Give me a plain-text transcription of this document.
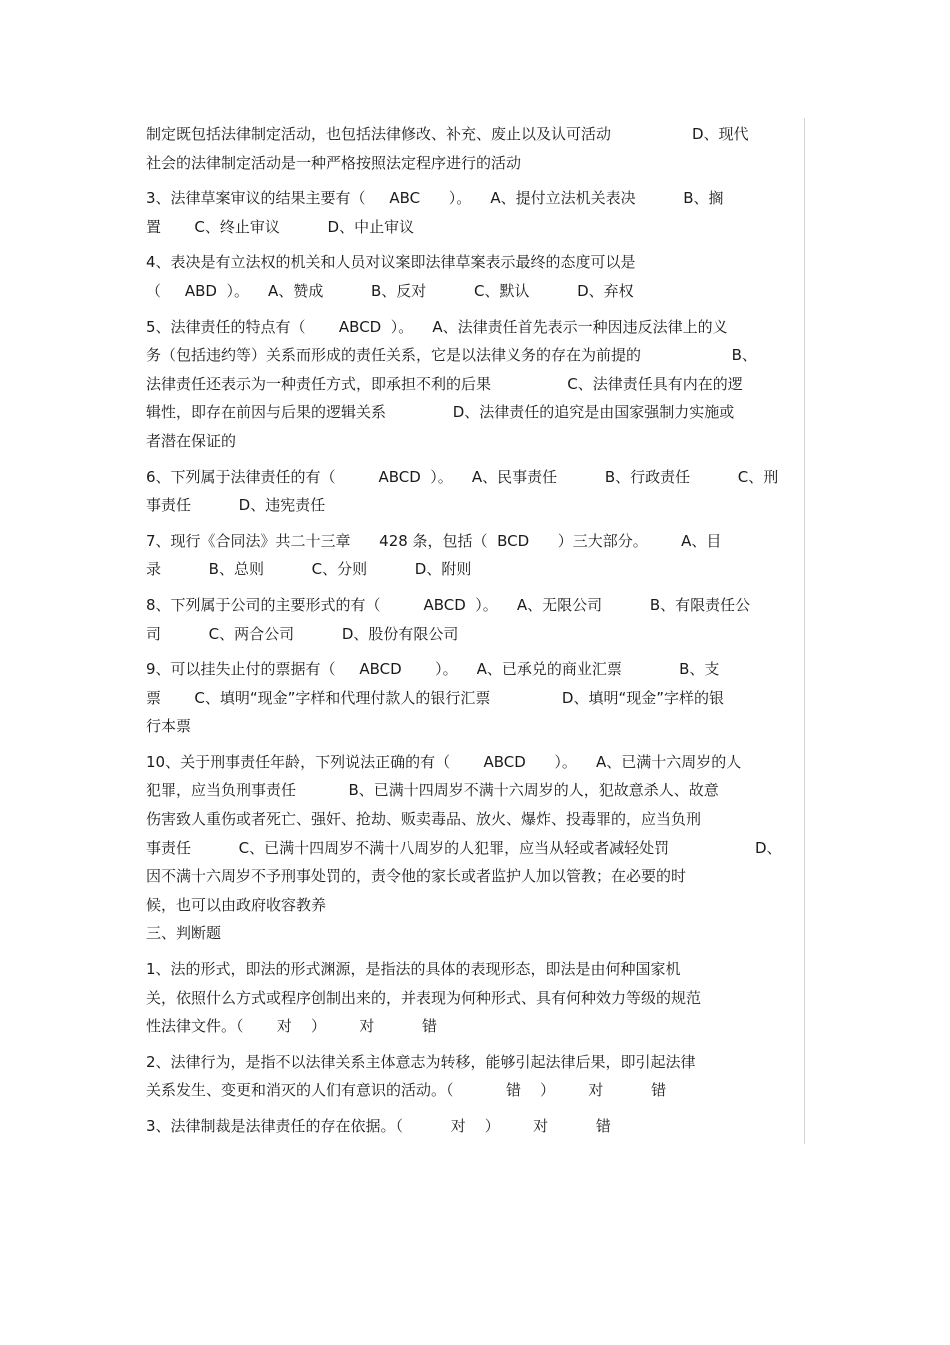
制定既包括法律制定活动，也包括法律修改、补充、废止以及认可活动                 D、现代
社会的法律制定活动是一种严格按照法定程序进行的活动
3、法律草案审议的结果主要有（     ABC      ）。    A、提付立法机关表决          B、搁
置       C、终止审议          D、中止审议
4、表决是有立法权的机关和人员对议案即法律草案表示最终的态度可以是
（     ABD  ）。    A、赞成          B、反对          C、默认          D、弃权
5、法律责任的特点有（       ABCD  ）。    A、法律责任首先表示一种因违反法律上的义
务（包括违约等）关系而形成的责任关系，它是以法律义务的存在为前提的                   B、
法律责任还表示为一种责任方式，即承担不利的后果                C、法律责任具有内在的逻
辑性，即存在前因与后果的逻辑关系              D、法律责任的追究是由国家强制力实施或
者潜在保证的
6、下列属于法律责任的有（         ABCD  ）。    A、民事责任          B、行政责任          C、刑
事责任          D、违宪责任
7、现行《合同法》共二十三章      428 条，包括（  BCD      ）三大部分。       A、目
录          B、总则          C、分则          D、附则
8、下列属于公司的主要形式的有（         ABCD  ）。    A、无限公司          B、有限责任公
司          C、两合公司          D、股份有限公司
9、可以挂失止付的票据有（     ABCD       ）。    A、已承兑的商业汇票            B、支
票       C、填明“现金”字样和代理付款人的银行汇票               D、填明“现金”字样的银
行本票
10、关于刑事责任年龄，下列说法正确的有（       ABCD      ）。    A、已满十六周岁的人
犯罪，应当负刑事责任           B、已满十四周岁不满十六周岁的人，犯故意杀人、故意
伤害致人重伤或者死亡、强奸、抢劫、贩卖毒品、放火、爆炸、投毒罪的，应当负刑
事责任          C、已满十四周岁不满十八周岁的人犯罪，应当从轻或者减轻处罚                  D、
因不满十六周岁不予刑事处罚的，责令他的家长或者监护人加以管教；在必要的时
候，也可以由政府收容教养
三、判断题
1、法的形式，即法的形式渊源，是指法的具体的表现形态，即法是由何种国家机
关，依照什么方式或程序创制出来的，并表现为何种形式、具有何种效力等级的规范
性法律文件。（       对    ）       对          错
2、法律行为，是指不以法律关系主体意志为转移，能够引起法律后果，即引起法律
关系发生、变更和消灭的人们有意识的活动。（           错    ）       对          错
3、法律制裁是法律责任的存在依据。（          对    ）       对          错
